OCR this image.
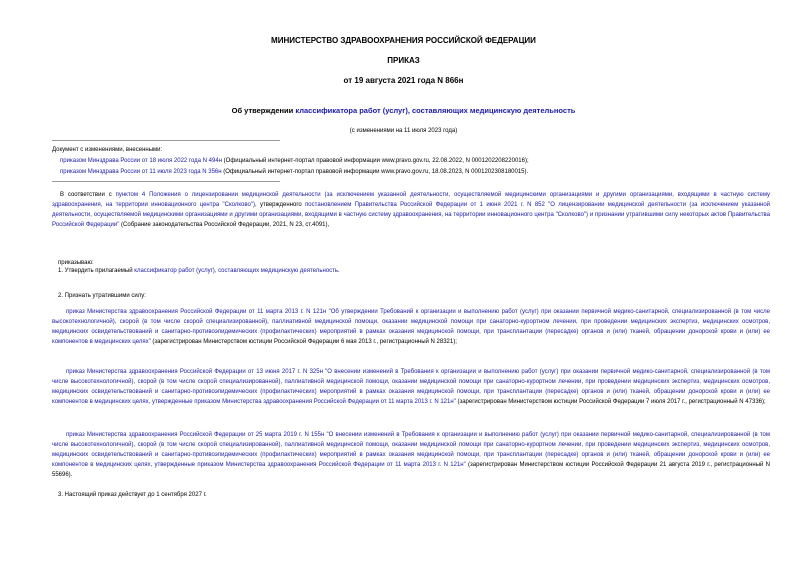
МИНИСТЕРСТВО ЗДРАВООХРАНЕНИЯ РОССИЙСКОЙ ФЕДЕРАЦИИ
ПРИКАЗ
от 19 августа 2021 года N 866н
Об утверждении классификатора работ (услуг), составляющих медицинскую деятельность
(с изменениями на 11 июля 2023 года)
Документ с изменениями, внесенными:
приказом Минздрава России от 18 июля 2022 года N 494н (Официальный интернет-портал правовой информации www.pravo.gov.ru, 22.08.2022, N 0001202208220016);
приказом Минздрава России от 11 июля 2023 года N 356н (Официальный интернет-портал правовой информации www.pravo.gov.ru, 18.08.2023, N 0001202308180015).
В соответствии с пунктом 4 Положения о лицензировании медицинской деятельности (за исключением указанной деятельности, осуществляемой медицинскими организациями и другими организациями, входящими в частную систему здравоохранения, на территории инновационного центра "Сколково"), утвержденного постановлением Правительства Российской Федерации от 1 июня 2021 г. N 852 "О лицензировании медицинской деятельности (за исключением указанной деятельности, осуществляемой медицинскими организациями и другими организациями, входящими в частную систему здравоохранения, на территории инновационного центра "Сколково") и признании утратившими силу некоторых актов Правительства Российской Федерации" (Собрание законодательства Российской Федерации, 2021, N 23, ст.4091),
приказываю:
1. Утвердить прилагаемый классификатор работ (услуг), составляющих медицинскую деятельность.
2. Признать утратившими силу:
приказ Министерства здравоохранения Российской Федерации от 11 марта 2013 г. N 121н "Об утверждении Требований к организации и выполнению работ (услуг) при оказании первичной медико-санитарной, специализированной (в том числе высокотехнологичной), скорой (в том числе скорой специализированной), паллиативной медицинской помощи, оказании медицинской помощи при санаторно-курортном лечении, при проведении медицинских экспертиз, медицинских осмотров, медицинских освидетельствований и санитарно-противоэпидемических (профилактических) мероприятий в рамках оказания медицинской помощи, при трансплантации (пересадке) органов и (или) тканей, обращении донорской крови и (или) ее компонентов в медицинских целях" (зарегистрирован Министерством юстиции Российской Федерации 6 мая 2013 г., регистрационный N 28321);
приказ Министерства здравоохранения Российской Федерации от 13 июня 2017 г. N 325н "О внесении изменений в Требования к организации и выполнению работ (услуг) при оказании первичной медико-санитарной, специализированной (в том числе высокотехнологичной), скорой (в том числе скорой специализированной), паллиативной медицинской помощи, оказании медицинской помощи при санаторно-курортном лечении, при проведении медицинских экспертиз, медицинских осмотров, медицинских освидетельствований и санитарно-противоэпидемических (профилактических) мероприятий в рамках оказания медицинской помощи, при трансплантации (пересадке) органов и (или) тканей, обращении донорской крови и (или) ее компонентов в медицинских целях, утвержденные приказом Министерства здравоохранения Российской Федерации от 11 марта 2013 г. N 121н" (зарегистрирован Министерством юстиции Российской Федерации 7 июля 2017 г., регистрационный N 47336);
приказ Министерства здравоохранения Российской Федерации от 25 марта 2019 г. N 155н "О внесении изменений в Требования к организации и выполнению работ (услуг) при оказании первичной медико-санитарной, специализированной (в том числе высокотехнологичной), скорой (в том числе скорой специализированной), паллиативной медицинской помощи, оказании медицинской помощи при санаторно-курортном лечении, при проведении медицинских экспертиз, медицинских осмотров, медицинских освидетельствований и санитарно-противоэпидемических (профилактических) мероприятий в рамках оказания медицинской помощи, при трансплантации (пересадке) органов и (или) тканей, обращении донорской крови и (или) ее компонентов в медицинских целях, утвержденные приказом Министерства здравоохранения Российской Федерации от 11 марта 2013 г. N 121н" (зарегистрирован Министерством юстиции Российской Федерации 21 августа 2019 г., регистрационный N 55696).
3. Настоящий приказ действует до 1 сентября 2027 г.
